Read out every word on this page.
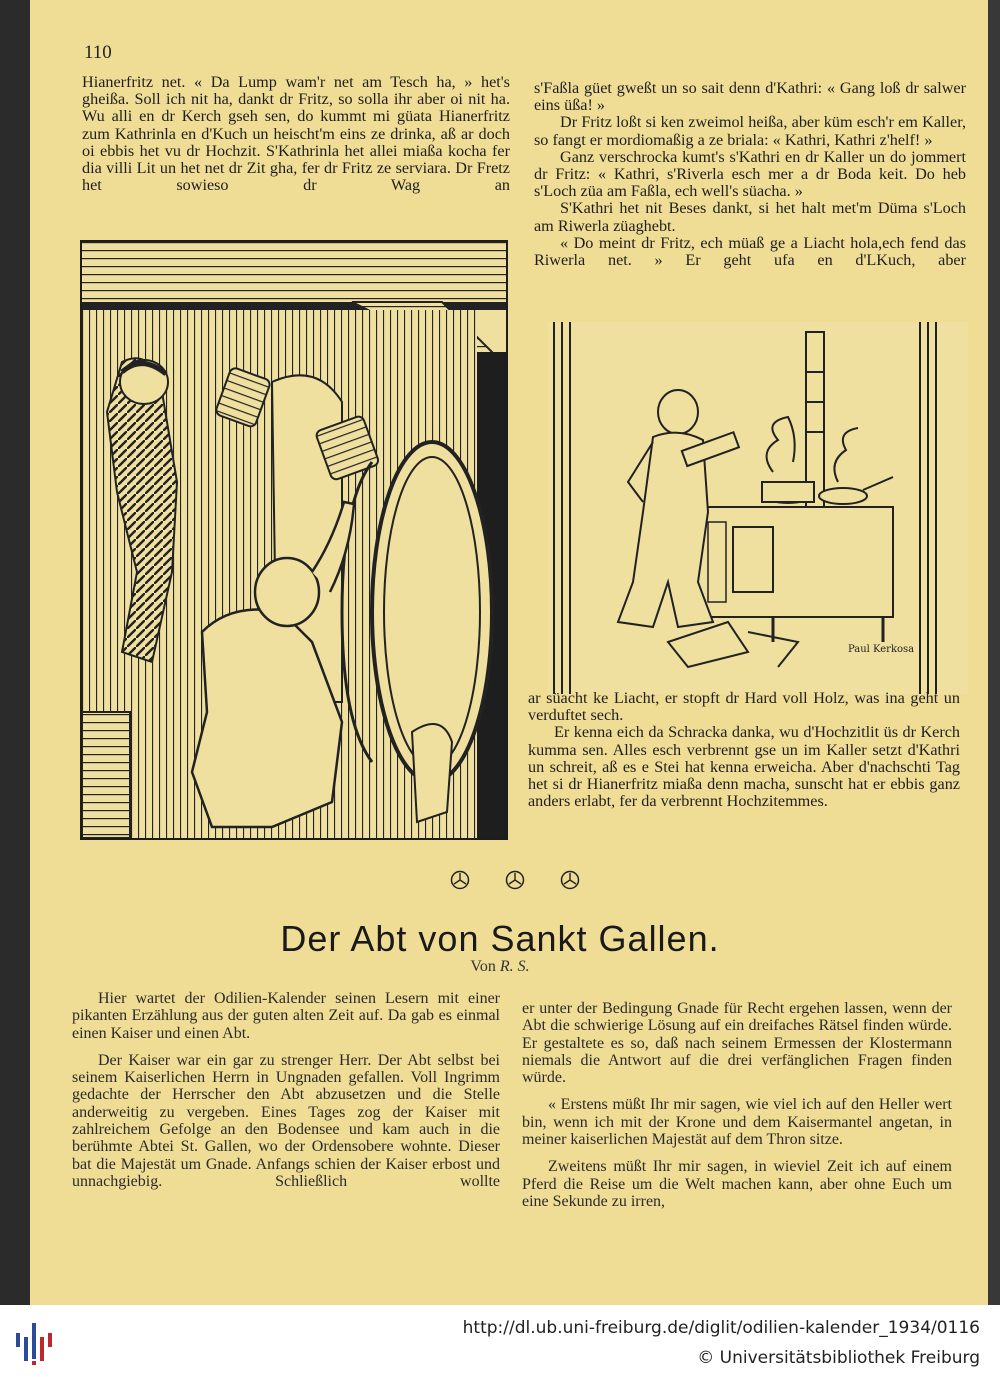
110

Hianerfritz net. « Da Lump wam'r net am Tesch ha, » het's gheißa. Soll ich nit ha, dankt dr Fritz, so solla ihr aber oi nit ha. Wu alli en dr Kerch gseh sen, do kummt mi güata Hianerfritz zum Kathrinla en d'Kuch un heischt'm eins ze drinka, aß ar doch oi ebbis het vu dr Hochzit. S'Kathrinla het allei miaßa kocha fer dia villi Lit un het net dr Zit gha, fer dr Fritz ze serviara. Dr Fretz het sowieso dr Wag an

s'Faßla güet gweßt un so sait denn d'Kathri: « Gang loß dr salwer eins üßa! »

Dr Fritz loßt si ken zweimol heißa, aber küm esch'r em Kaller, so fangt er mordiomaßig a ze briala: « Kathri, Kathri z'helf! »

Ganz verschrocka kumt's s'Kathri en dr Kaller un do jommert dr Fritz: « Kathri, s'Riverla esch mer a dr Boda keit. Do heb s'Loch züa am Faßla, ech well's süacha. »

S'Kathri het nit Beses dankt, si het halt met'm Düma s'Loch am Riwerla züaghebt.

« Do meint dr Fritz, ech müaß ge a Liacht hola,ech fend das Riwerla net. » Er geht ufa en d'LKuch, aber

Paul Kerkosa

ar süacht ke Liacht, er stopft dr Hard voll Holz, was ina geht un verduftet sech.

Er kenna eich da Schracka danka, wu d'Hochzitlit üs dr Kerch kumma sen. Alles esch verbrennt gse un im Kaller setzt d'Kathri un schreit, aß es e Stei hat kenna erweicha. Aber d'nachschti Tag het si dr Hianerfritz miaßa denn macha, sunscht hat er ebbis ganz anders erlabt, fer da verbrennt Hochzitemmes.

Der Abt von Sankt Gallen.
Von R. S.

Hier wartet der Odilien-Kalender seinen Lesern mit einer pikanten Erzählung aus der guten alten Zeit auf. Da gab es einmal einen Kaiser und einen Abt.

Der Kaiser war ein gar zu strenger Herr. Der Abt selbst bei seinem Kaiserlichen Herrn in Ungnaden gefallen. Voll Ingrimm gedachte der Herrscher den Abt abzusetzen und die Stelle anderweitig zu vergeben. Eines Tages zog der Kaiser mit zahlreichem Gefolge an den Bodensee und kam auch in die berühmte Abtei St. Gallen, wo der Ordensobere wohnte. Dieser bat die Majestät um Gnade. Anfangs schien der Kaiser erbost und unnachgiebig. Schließlich wollte

er unter der Bedingung Gnade für Recht ergehen lassen, wenn der Abt die schwierige Lösung auf ein dreifaches Rätsel finden würde. Er gestaltete es so, daß nach seinem Ermessen der Klostermann niemals die Antwort auf die drei verfänglichen Fragen finden würde.

« Erstens müßt Ihr mir sagen, wie viel ich auf den Heller wert bin, wenn ich mit der Krone und dem Kaisermantel angetan, in meiner kaiserlichen Majestät auf dem Thron sitze.

Zweitens müßt Ihr mir sagen, in wieviel Zeit ich auf einem Pferd die Reise um die Welt machen kann, aber ohne Euch um eine Sekunde zu irren,

http://dl.ub.uni-freiburg.de/diglit/odilien-kalender_1934/0116
© Universitätsbibliothek Freiburg
